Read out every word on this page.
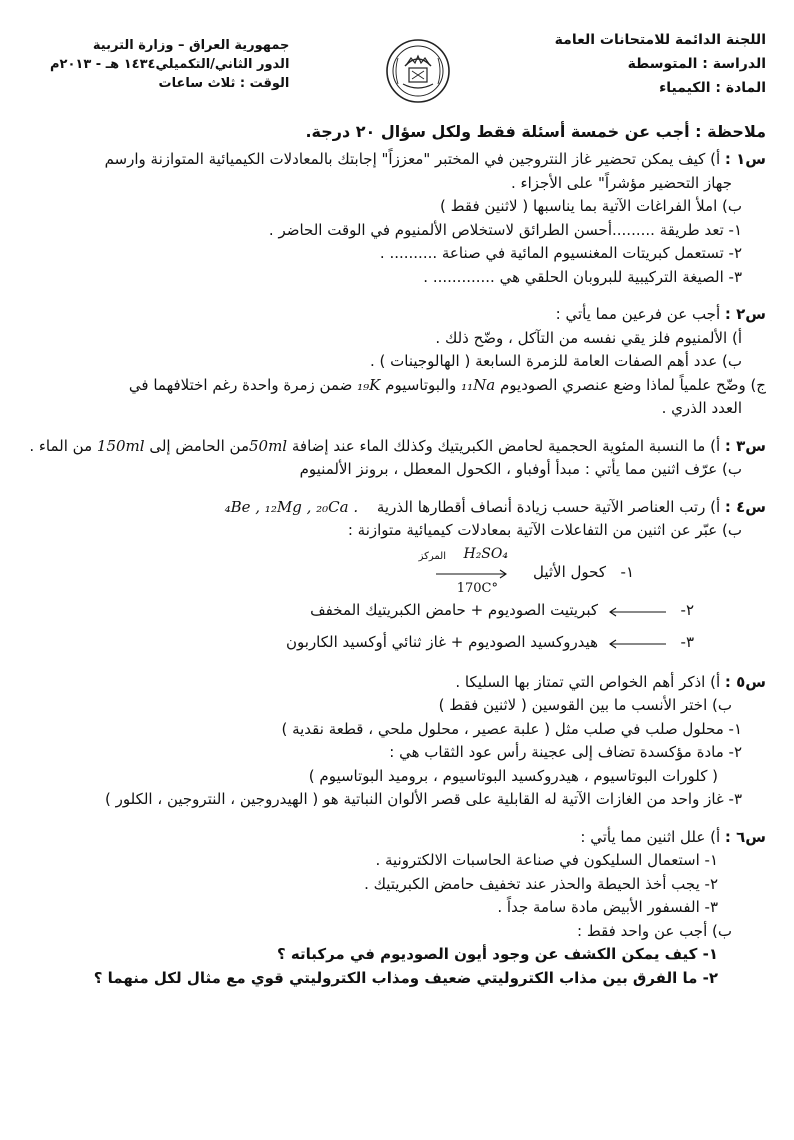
اللجنة الدائمة للامتحانات العامة
الدراسة : المتوسطة
المادة : الكيمياء
جمهورية العراق – وزارة التربية
الدور الثاني/التكميلي١٤٣٤ هـ - ٢٠١٣م
الوقت : ثلاث ساعات
ملاحظة : أجب عن خمسة أسئلة فقط ولكل سؤال ٢٠ درجة.
س١ : أ) كيف يمكن تحضير غاز النتروجين في المختبر "معززاً" إجابتك بالمعادلات الكيميائية المتوازنة وارسم
جهاز التحضير مؤشراً" على الأجزاء .
ب) املأ الفراغات الآتية بما يناسبها ( لاثنين فقط )
١- تعد طريقة .........أحسن الطرائق لاستخلاص الألمنيوم في الوقت الحاضر .
٢- تستعمل كبريتات المغنسيوم المائية في صناعة .......... .
٣- الصيغة التركيبية للبروبان الحلقي هي ............. .
س٢ : أجب عن فرعين مما يأتي :
أ) الألمنيوم فلز يقي نفسه من التآكل ، وضّح ذلك .
ب) عدد أهم الصفات العامة للزمرة السابعة ( الهالوجينات ) .
ج) وضّح علمياً لماذا وضع عنصري الصوديوم ₁₁Na والبوتاسيوم ₁₉K ضمن زمرة واحدة رغم اختلافهما في
العدد الذري .
س٣ : أ) ما النسبة المئوية الحجمية لحامض الكبريتيك وكذلك الماء عند إضافة 50mlمن الحامض إلى 150ml من الماء .
ب) عرّف اثنين مما يأتي : مبدأ أوفباو ، الكحول المعطل ، برونز الألمنيوم
س٤ : أ) رتب العناصر الآتية حسب زيادة أنصاف أقطارها الذرية ₄Be , ₁₂Mg , ₂₀Ca .
ب) عبّر عن اثنين من التفاعلات الآتية بمعادلات كيميائية متوازنة :
١-
كحول الأثيل
H₂SO₄
المركز
170C°
٢-
كبريتيت الصوديوم + حامض الكبريتيك المخفف
٣-
هيدروكسيد الصوديوم + غاز ثنائي أوكسيد الكاربون
س٥ : أ) اذكر أهم الخواص التي تمتاز بها السليكا .
ب) اختر الأنسب ما بين القوسين ( لاثنين فقط )
١- محلول صلب في صلب مثل ( علبة عصير ، محلول ملحي ، قطعة نقدية )
٢- مادة مؤكسدة تضاف إلى عجينة رأس عود الثقاب هي :
( كلورات البوتاسيوم ، هيدروكسيد البوتاسيوم ، بروميد البوتاسيوم )
٣- غاز واحد من الغازات الآتية له القابلية على قصر الألوان النباتية هو ( الهيدروجين ، النتروجين ، الكلور )
س٦ : أ) علل اثنين مما يأتي :
١- استعمال السليكون في صناعة الحاسبات الالكترونية .
٢- يجب أخذ الحيطة والحذر عند تخفيف حامض الكبريتيك .
٣- الفسفور الأبيض مادة سامة جداً .
ب) أجب عن واحد فقط :
١- كيف يمكن الكشف عن وجود أيون الصوديوم في مركباته ؟
٢- ما الفرق بين مذاب الكتروليتي ضعيف ومذاب الكتروليتي قوي مع مثال لكل منهما ؟
